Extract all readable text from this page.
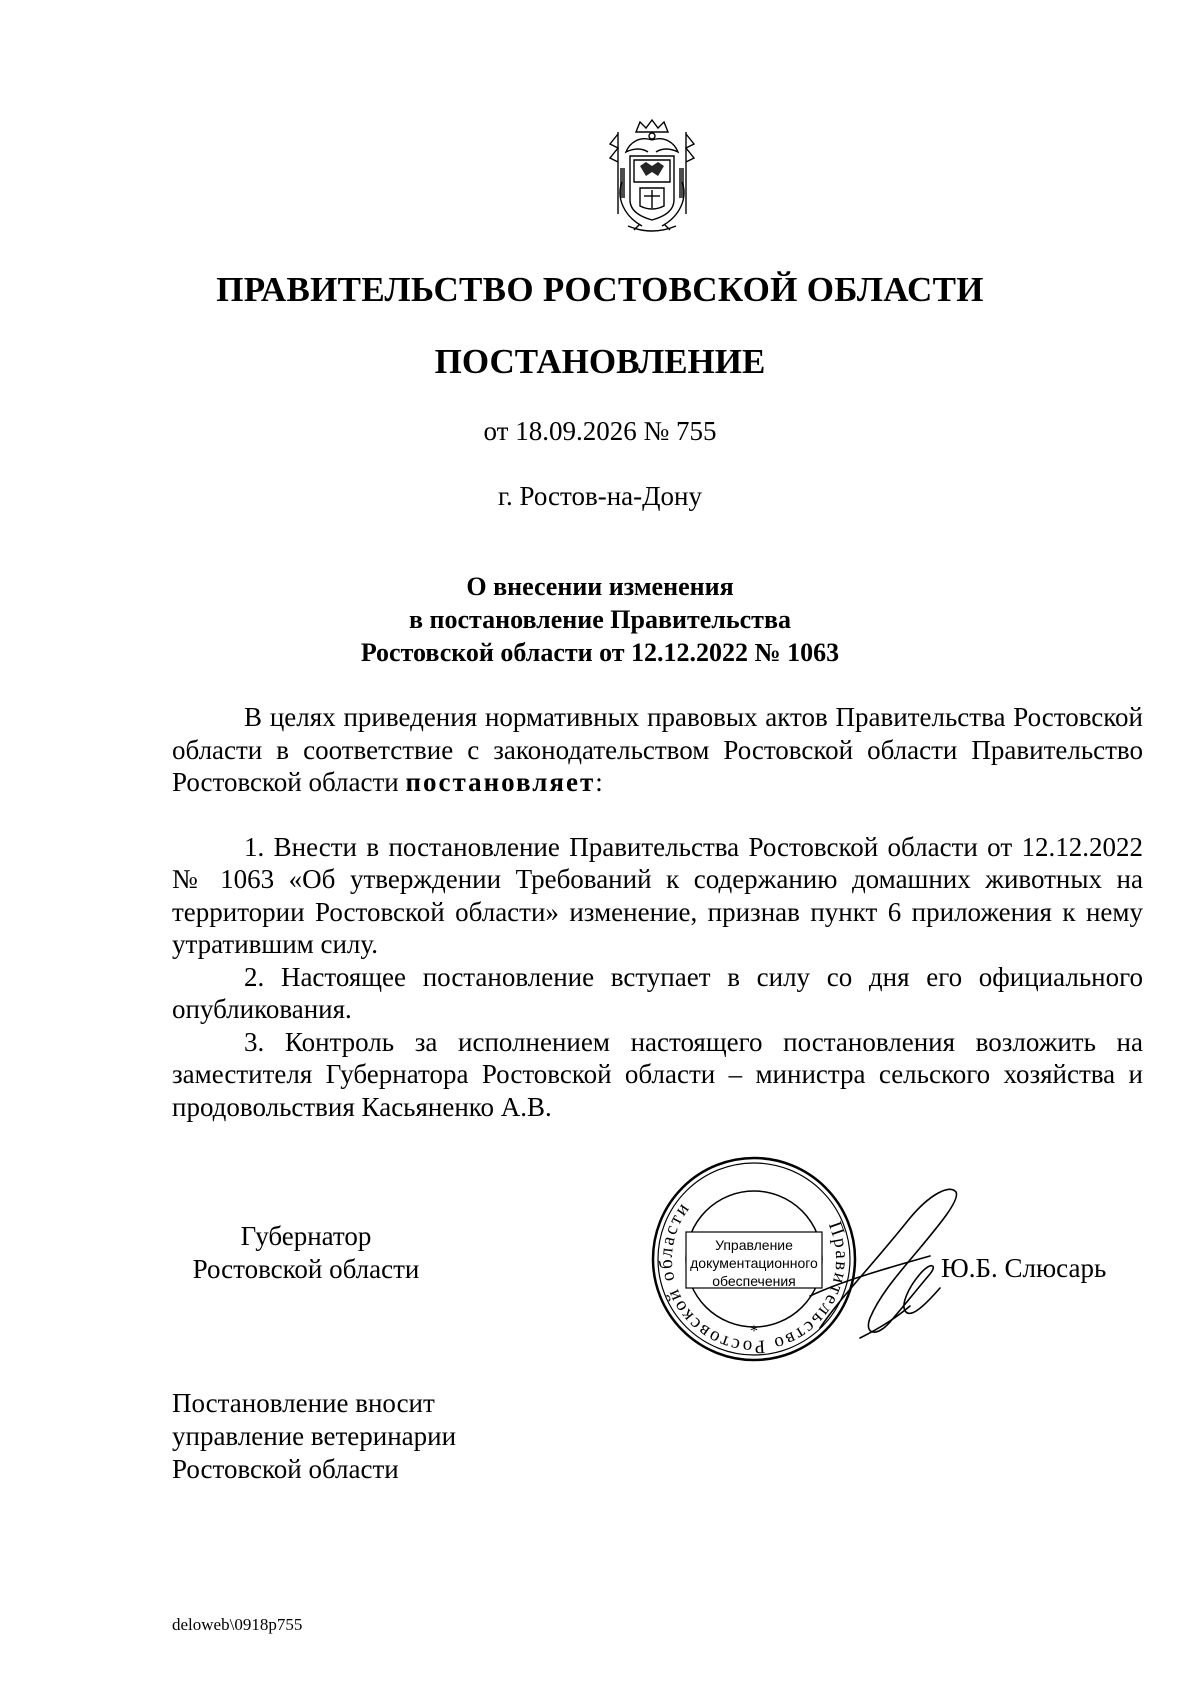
ПРАВИТЕЛЬСТВО РОСТОВСКОЙ ОБЛАСТИ
ПОСТАНОВЛЕНИЕ
от 18.09.2026 № 755
г. Ростов-на-Дону
О внесении изменения
в постановление Правительства
Ростовской области от 12.12.2022 № 1063

В целях приведения нормативных правовых актов Правительства Ростовской области в соответствие с законодательством Ростовской области Правительство Ростовской области постановляет:

1. Внести в постановление Правительства Ростовской области от 12.12.2022 № 1063 «Об утверждении Требований к содержанию домашних животных на территории Ростовской области» изменение, признав пункт 6 приложения к нему утратившим силу.

2. Настоящее постановление вступает в силу со дня его официального опубликования.

3. Контроль за исполнением настоящего постановления возложить на заместителя Губернатора Ростовской области – министра сельского хозяйства и продовольствия Касьяненко А.В.

Губернатор
Ростовской области
Правительство Ростовской области
Управление
документационного
обеспечения
*
Ю.Б. Слюсарь
Постановление вносит
управление ветеринарии
Ростовской области
deloweb\0918p755
